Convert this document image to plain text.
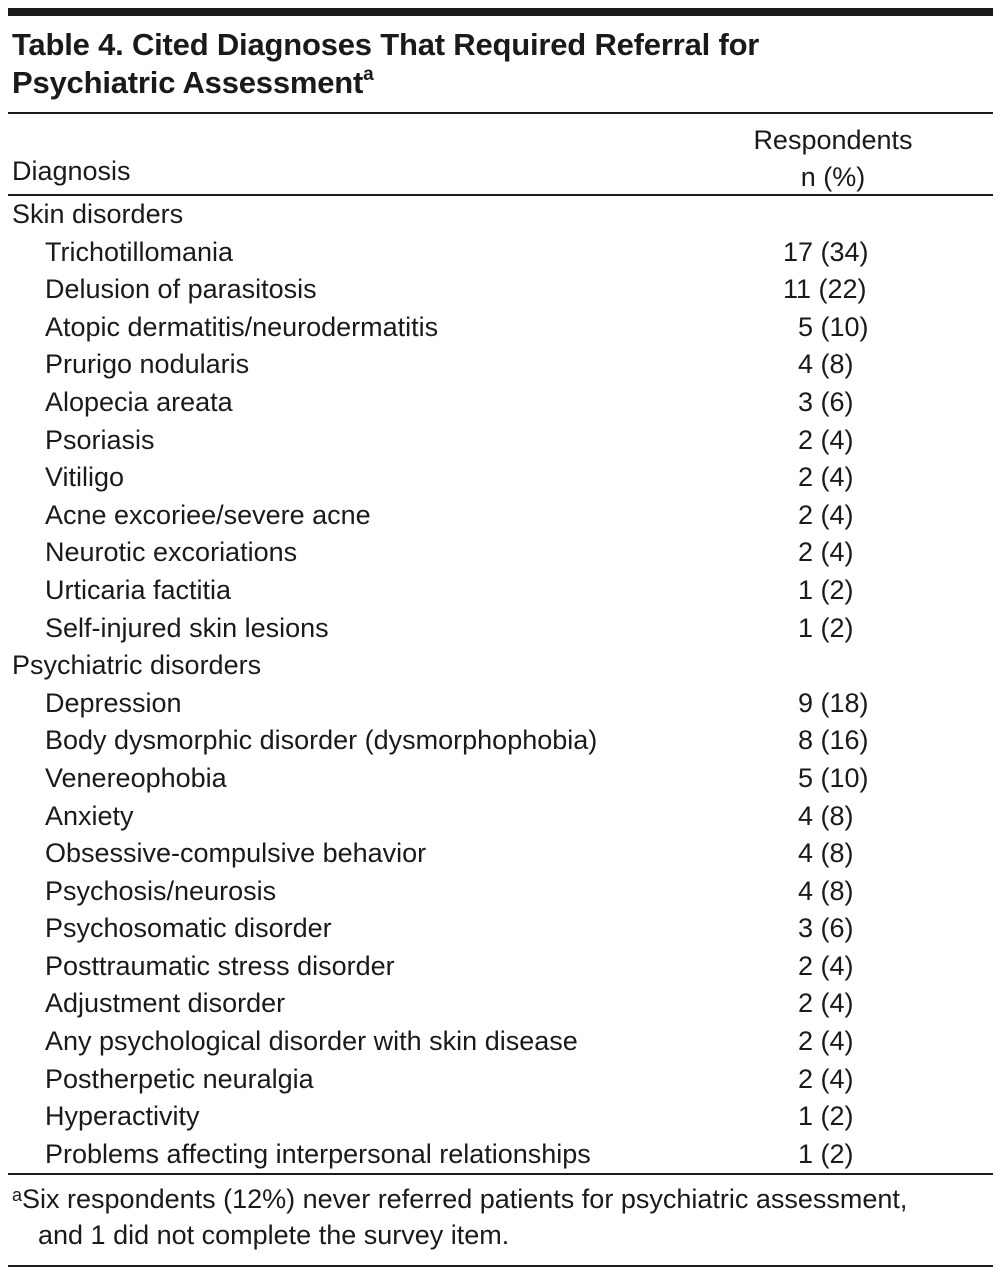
Table 4. Cited Diagnoses That Required Referral for
Psychiatric Assessment$^a$
Diagnosis
Respondents
n (%)
Skin disorders
Trichotillomania	17 (34)
Delusion of parasitosis	11 (22)
Atopic dermatitis/neurodermatitis	5 (10)
Prurigo nodularis	4 (8)
Alopecia areata	3 (6)
Psoriasis	2 (4)
Vitiligo	2 (4)
Acne excoriee/severe acne	2 (4)
Neurotic excoriations	2 (4)
Urticaria factitia	1 (2)
Self-injured skin lesions	1 (2)
Psychiatric disorders
Depression	9 (18)
Body dysmorphic disorder (dysmorphophobia)	8 (16)
Venereophobia	5 (10)
Anxiety	4 (8)
Obsessive-compulsive behavior	4 (8)
Psychosis/neurosis	4 (8)
Psychosomatic disorder	3 (6)
Posttraumatic stress disorder	2 (4)
Adjustment disorder	2 (4)
Any psychological disorder with skin disease	2 (4)
Postherpetic neuralgia	2 (4)
Hyperactivity	1 (2)
Problems affecting interpersonal relationships	1 (2)
$^a$Six respondents (12%) never referred patients for psychiatric assessment,
and 1 did not complete the survey item.
